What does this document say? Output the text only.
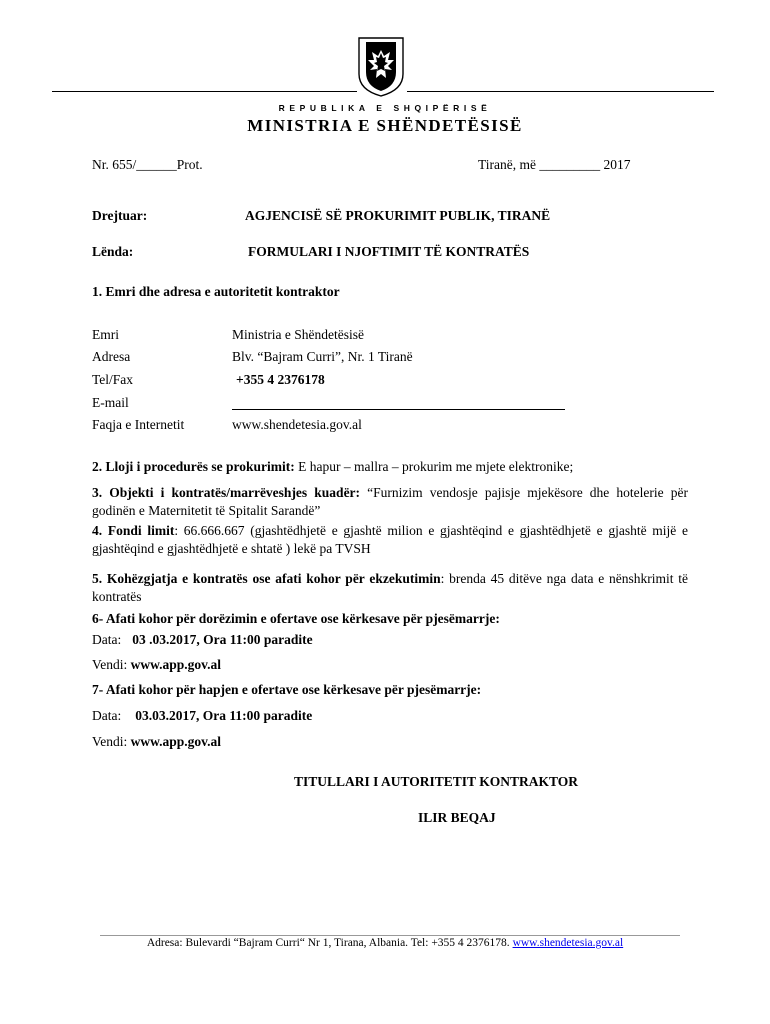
REPUBLIKA E SHQIPËRISË
MINISTRIA E SHËNDETËSISË
Nr. 655/______Prot.	Tiranë, më _________ 2017
Drejtuar:	AGJENCISË SË PROKURIMIT PUBLIK, TIRANË
Lënda:	FORMULARI I NJOFTIMIT TË KONTRATËS
1. Emri dhe adresa e autoritetit kontraktor
Emri	Ministria e Shëndetësisë
Adresa	Blv. “Bajram Curri”, Nr. 1 Tiranë
Tel/Fax	+355 4 2376178
E-mail
Faqja e Internetit	www.shendetesia.gov.al
2. Lloji i procedurës se prokurimit: E hapur – mallra – prokurim me mjete elektronike;
3. Objekti i kontratës/marrëveshjes kuadër: “Furnizim vendosje pajisje mjekësore dhe hotelerie për godinën e Maternitetit të Spitalit Sarandë”
4. Fondi limit: 66.666.667 (gjashtëdhjetë e gjashtë milion e gjashtëqind e gjashtëdhjetë e gjashtë mijë e gjashtëqind e gjashtëdhjetë e shtatë ) lekë pa TVSH
5. Kohëzgjatja e kontratës ose afati kohor për ekzekutimin: brenda 45 ditëve nga data e nënshkrimit të kontratës
6- Afati kohor për dorëzimin e ofertave ose kërkesave për pjesëmarrje:
Data: 03 .03.2017, Ora 11:00 paradite
Vendi: www.app.gov.al
7- Afati kohor për hapjen e ofertave ose kërkesave për pjesëmarrje:
Data: 03.03.2017, Ora 11:00 paradite
Vendi: www.app.gov.al
TITULLARI I AUTORITETIT KONTRAKTOR
ILIR BEQAJ
Adresa: Bulevardi “Bajram Curri“ Nr 1, Tirana, Albania. Tel: +355 4 2376178. www.shendetesia.gov.al
